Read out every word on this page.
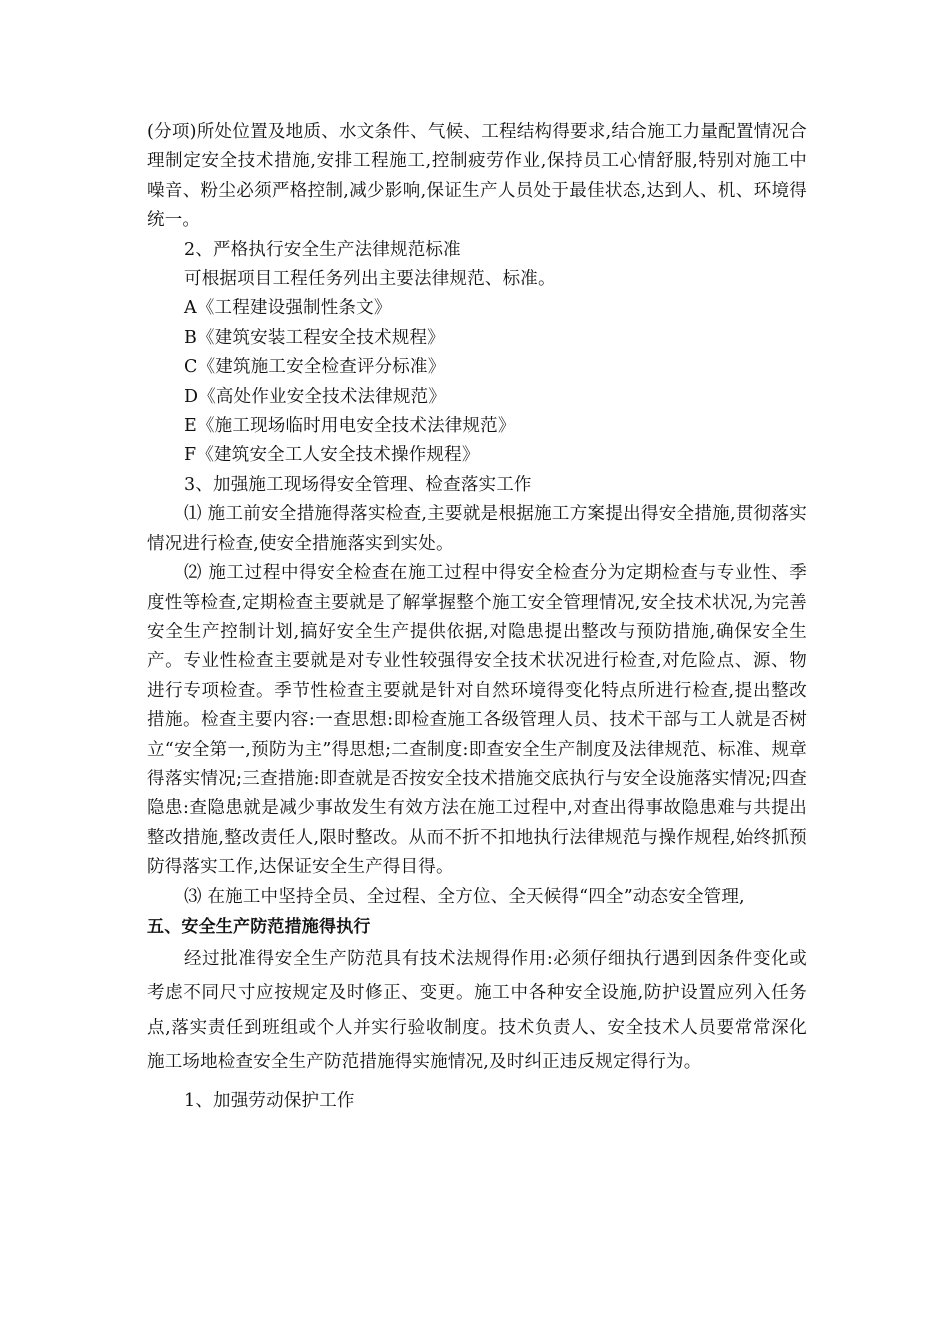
(分项)所处位置及地质、水文条件、气候、工程结构得要求,结合施工力量配置情况合理制定安全技术措施,安排工程施工,控制疲劳作业,保持员工心情舒服,特别对施工中噪音、粉尘必须严格控制,减少影响,保证生产人员处于最佳状态,达到人、机、环境得统一。

2、严格执行安全生产法律规范标准

可根据项目工程任务列出主要法律规范、标准。

A《工程建设强制性条文》

B《建筑安装工程安全技术规程》

C《建筑施工安全检查评分标准》

D《高处作业安全技术法律规范》

E《施工现场临时用电安全技术法律规范》

F《建筑安全工人安全技术操作规程》

3、加强施工现场得安全管理、检查落实工作

⑴ 施工前安全措施得落实检查,主要就是根据施工方案提出得安全措施,贯彻落实情况进行检查,使安全措施落实到实处。

⑵ 施工过程中得安全检查在施工过程中得安全检查分为定期检查与专业性、季度性等检查,定期检查主要就是了解掌握整个施工安全管理情况,安全技术状况,为完善安全生产控制计划,搞好安全生产提供依据,对隐患提出整改与预防措施,确保安全生产。专业性检查主要就是对专业性较强得安全技术状况进行检查,对危险点、源、物进行专项检查。季节性检查主要就是针对自然环境得变化特点所进行检查,提出整改措施。检查主要内容:一查思想:即检查施工各级管理人员、技术干部与工人就是否树立“安全第一,预防为主”得思想;二查制度:即查安全生产制度及法律规范、标准、规章得落实情况;三查措施:即查就是否按安全技术措施交底执行与安全设施落实情况;四查隐患:查隐患就是减少事故发生有效方法在施工过程中,对查出得事故隐患难与共提出整改措施,整改责任人,限时整改。从而不折不扣地执行法律规范与操作规程,始终抓预防得落实工作,达保证安全生产得目得。

⑶ 在施工中坚持全员、全过程、全方位、全天候得“四全”动态安全管理,

五、安全生产防范措施得执行

经过批准得安全生产防范具有技术法规得作用:必须仔细执行遇到因条件变化或考虑不同尺寸应按规定及时修正、变更。施工中各种安全设施,防护设置应列入任务点,落实责任到班组或个人并实行验收制度。技术负责人、安全技术人员要常常深化施工场地检查安全生产防范措施得实施情况,及时纠正违反规定得行为。

1、加强劳动保护工作
